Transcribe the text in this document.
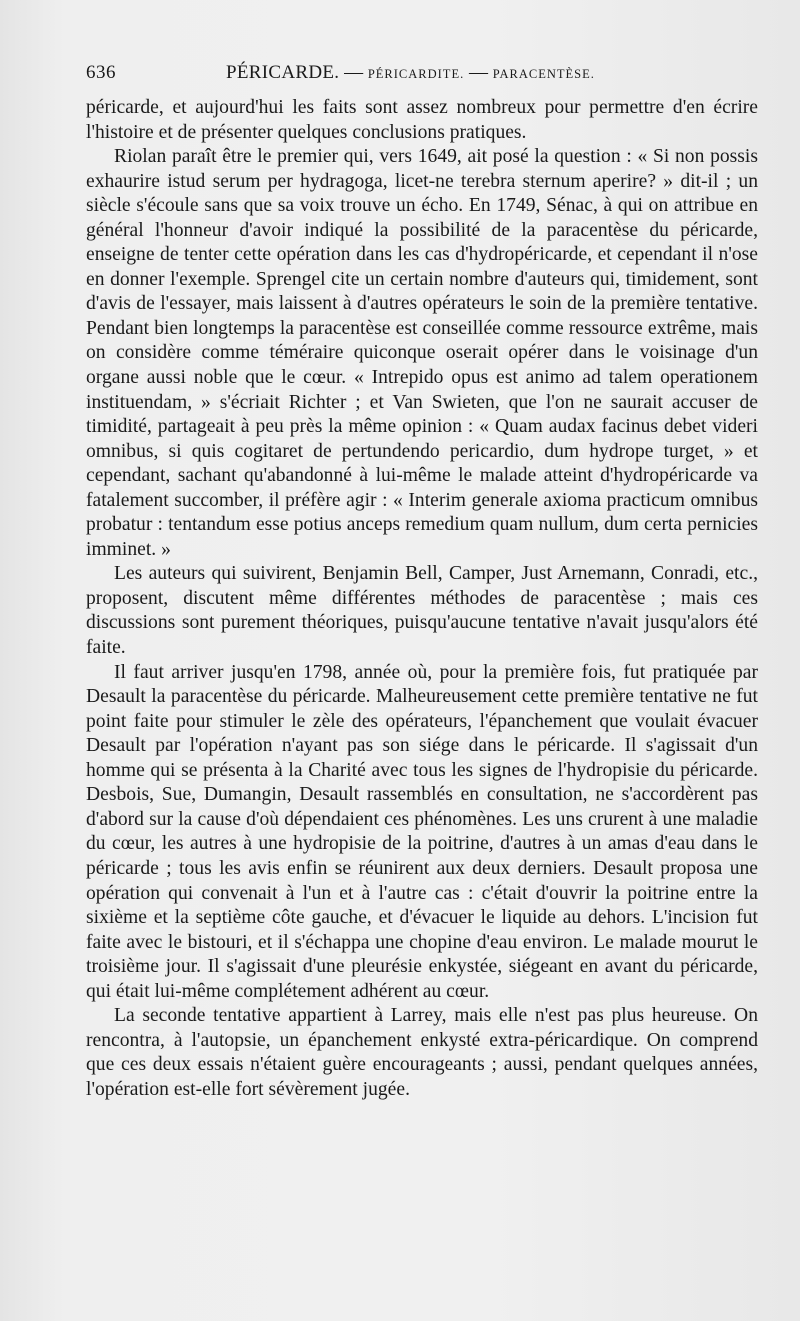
636	PÉRICARDE. — PÉRICARDITE. — PARACENTÈSE.

péricarde, et aujourd'hui les faits sont assez nombreux pour permettre d'en écrire l'histoire et de présenter quelques conclusions pratiques.

Riolan paraît être le premier qui, vers 1649, ait posé la question : « Si non possis exhaurire istud serum per hydragoga, licet-ne terebra sternum aperire? » dit-il ; un siècle s'écoule sans que sa voix trouve un écho. En 1749, Sénac, à qui on attribue en général l'honneur d'avoir indiqué la possibilité de la paracentèse du péricarde, enseigne de tenter cette opération dans les cas d'hydropéricarde, et cependant il n'ose en donner l'exemple. Sprengel cite un certain nombre d'auteurs qui, timidement, sont d'avis de l'essayer, mais laissent à d'autres opérateurs le soin de la première tentative. Pendant bien longtemps la paracentèse est conseillée comme ressource extrême, mais on considère comme téméraire quiconque oserait opérer dans le voisinage d'un organe aussi noble que le cœur. « Intrepido opus est animo ad talem operationem instituendam, » s'écriait Richter ; et Van Swieten, que l'on ne saurait accuser de timidité, partageait à peu près la même opinion : « Quam audax facinus debet videri omnibus, si quis cogitaret de pertundendo pericardio, dum hydrope turget, » et cependant, sachant qu'abandonné à lui-même le malade atteint d'hydropéricarde va fatalement succomber, il préfère agir : « Interim generale axioma practicum omnibus probatur : tentandum esse potius anceps remedium quam nullum, dum certa pernicies imminet. »

Les auteurs qui suivirent, Benjamin Bell, Camper, Just Arnemann, Conradi, etc., proposent, discutent même différentes méthodes de paracentèse ; mais ces discussions sont purement théoriques, puisqu'aucune tentative n'avait jusqu'alors été faite.

Il faut arriver jusqu'en 1798, année où, pour la première fois, fut pratiquée par Desault la paracentèse du péricarde. Malheureusement cette première tentative ne fut point faite pour stimuler le zèle des opérateurs, l'épanchement que voulait évacuer Desault par l'opération n'ayant pas son siége dans le péricarde. Il s'agissait d'un homme qui se présenta à la Charité avec tous les signes de l'hydropisie du péricarde. Desbois, Sue, Dumangin, Desault rassemblés en consultation, ne s'accordèrent pas d'abord sur la cause d'où dépendaient ces phénomènes. Les uns crurent à une maladie du cœur, les autres à une hydropisie de la poitrine, d'autres à un amas d'eau dans le péricarde ; tous les avis enfin se réunirent aux deux derniers. Desault proposa une opération qui convenait à l'un et à l'autre cas : c'était d'ouvrir la poitrine entre la sixième et la septième côte gauche, et d'évacuer le liquide au dehors. L'incision fut faite avec le bistouri, et il s'échappa une chopine d'eau environ. Le malade mourut le troisième jour. Il s'agissait d'une pleurésie enkystée, siégeant en avant du péricarde, qui était lui-même complétement adhérent au cœur.

La seconde tentative appartient à Larrey, mais elle n'est pas plus heureuse. On rencontra, à l'autopsie, un épanchement enkysté extra-péricardique. On comprend que ces deux essais n'étaient guère encourageants ; aussi, pendant quelques années, l'opération est-elle fort sévèrement jugée.
